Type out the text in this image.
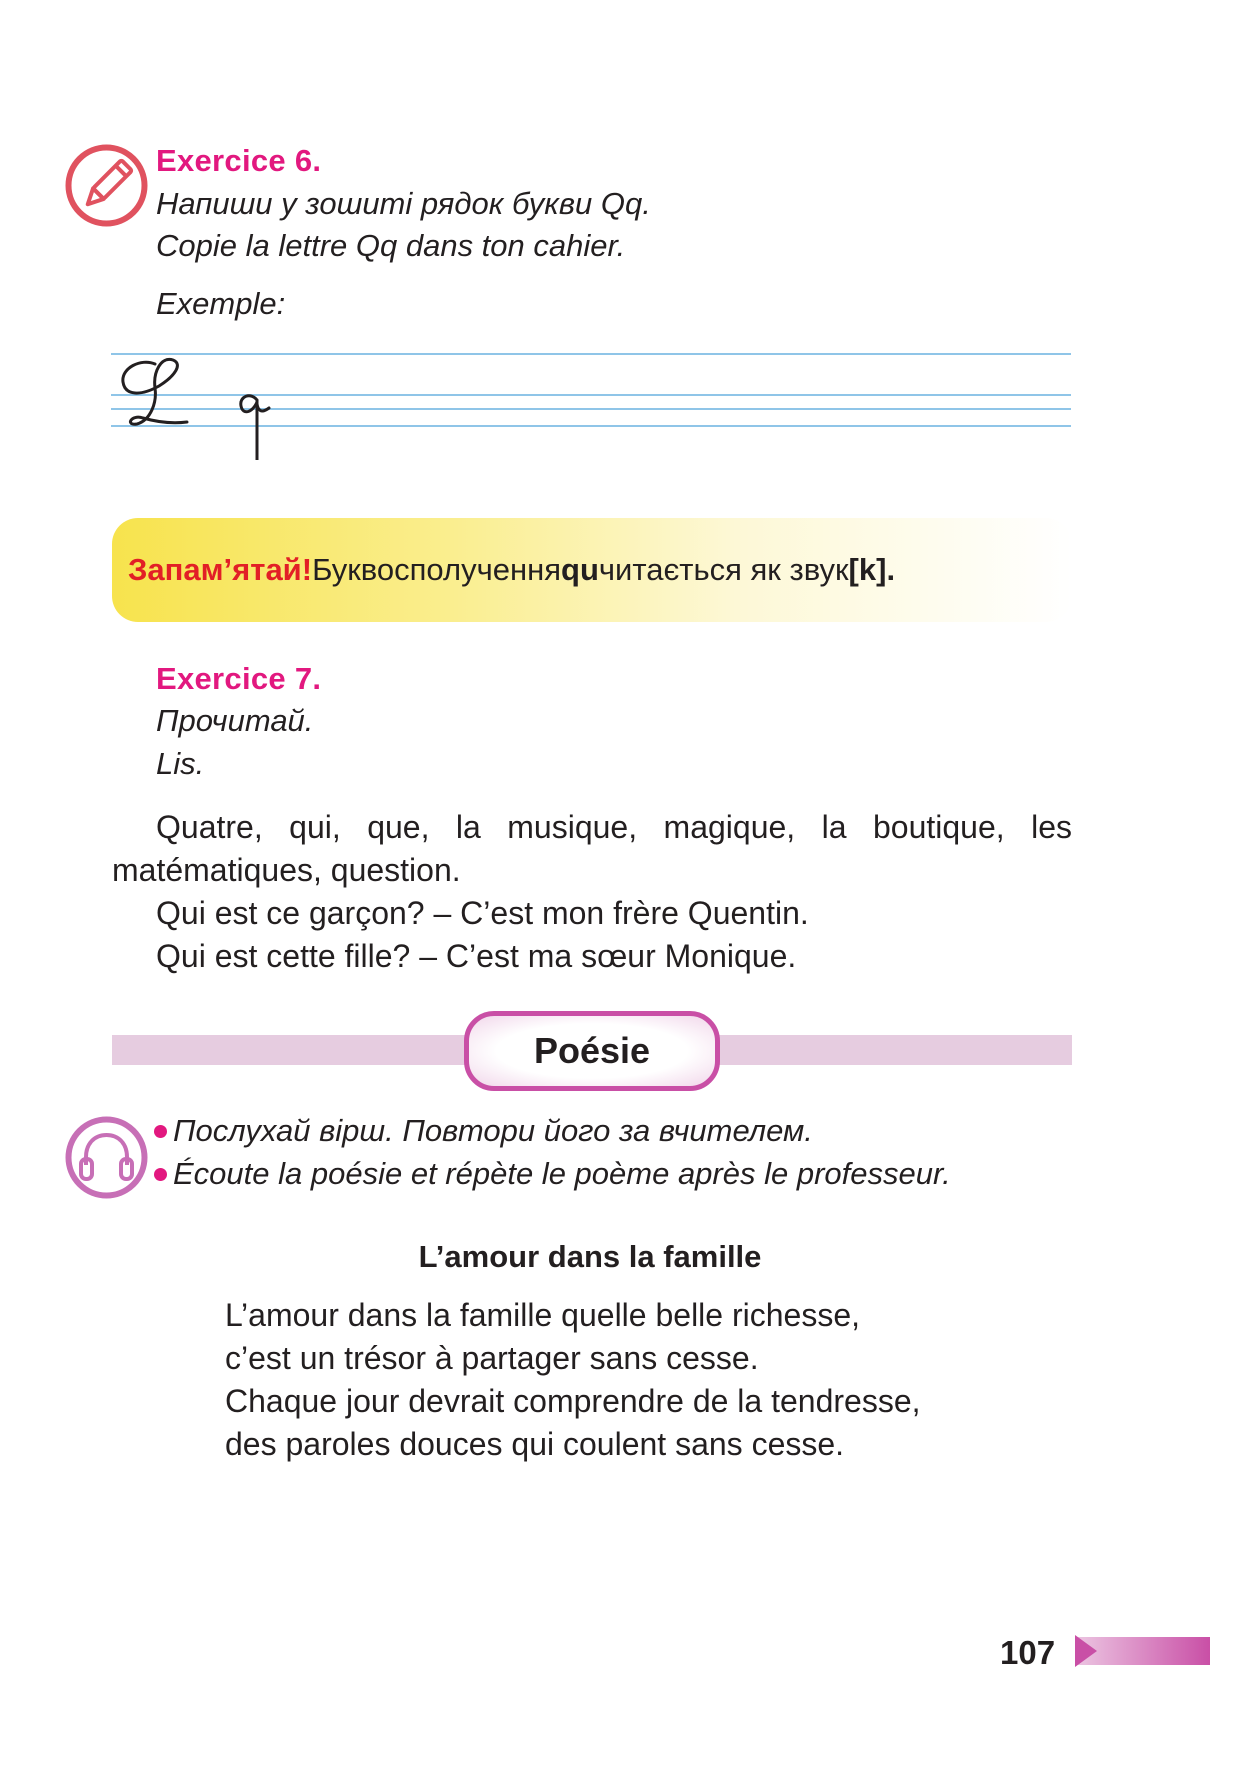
Exercice 6.
Напиши у зошиті рядок букви Qq.
Copie la lettre Qq dans ton cahier.
Exemple:
Запам’ятай! Буквосполучення qu читається як звук [k] .
Exercice 7.
Прочитай.
Lis.
Quatre, qui, que, la musique, magique, la boutique, les
matématiques, question.
Qui est ce garçon? – C’est mon frère Quentin.
Qui est cette fille? – C’est ma sœur Monique.
Poésie
Послухай вірш. Повтори його за вчителем.
Écoute la poésie et répète le poème après le professeur.
L’amour dans la famille
L’amour dans la famille quelle belle richesse,
c’est un trésor à partager sans cesse.
Chaque jour devrait comprendre de la tendresse,
des paroles douces qui coulent sans cesse.
107
